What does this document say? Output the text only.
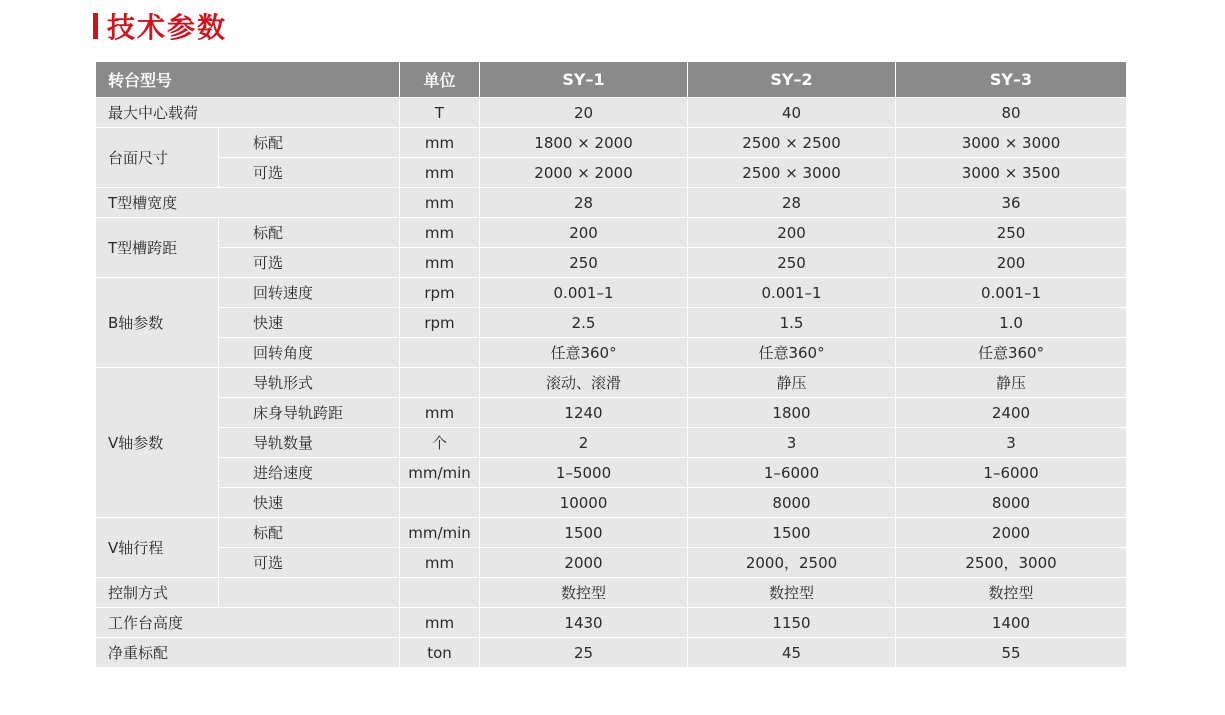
技术参数
转台型号		单位	SY–1	SY–2	SY–3
最大中心载荷		T	20	40	80
台面尺寸	标配	mm	1800 × 2000	2500 × 2500	3000 × 3000
	可选	mm	2000 × 2000	2500 × 3000	3000 × 3500
T型槽宽度		mm	28	28	36
T型槽跨距	标配	mm	200	200	250
	可选	mm	250	250	200
B轴参数	回转速度	rpm	0.001–1	0.001–1	0.001–1
	快速	rpm	2.5	1.5	1.0
	回转角度		任意360°	任意360°	任意360°
V轴参数	导轨形式		滚动、滚滑	静压	静压
	床身导轨跨距	mm	1240	1800	2400
	导轨数量	个	2	3	3
	进给速度	mm/min	1–5000	1–6000	1–6000
	快速		10000	8000	8000
V轴行程	标配	mm/min	1500	1500	2000
	可选	mm	2000	2000，2500	2500，3000
控制方式			数控型	数控型	数控型
工作台高度		mm	1430	1150	1400
净重标配		ton	25	45	55
